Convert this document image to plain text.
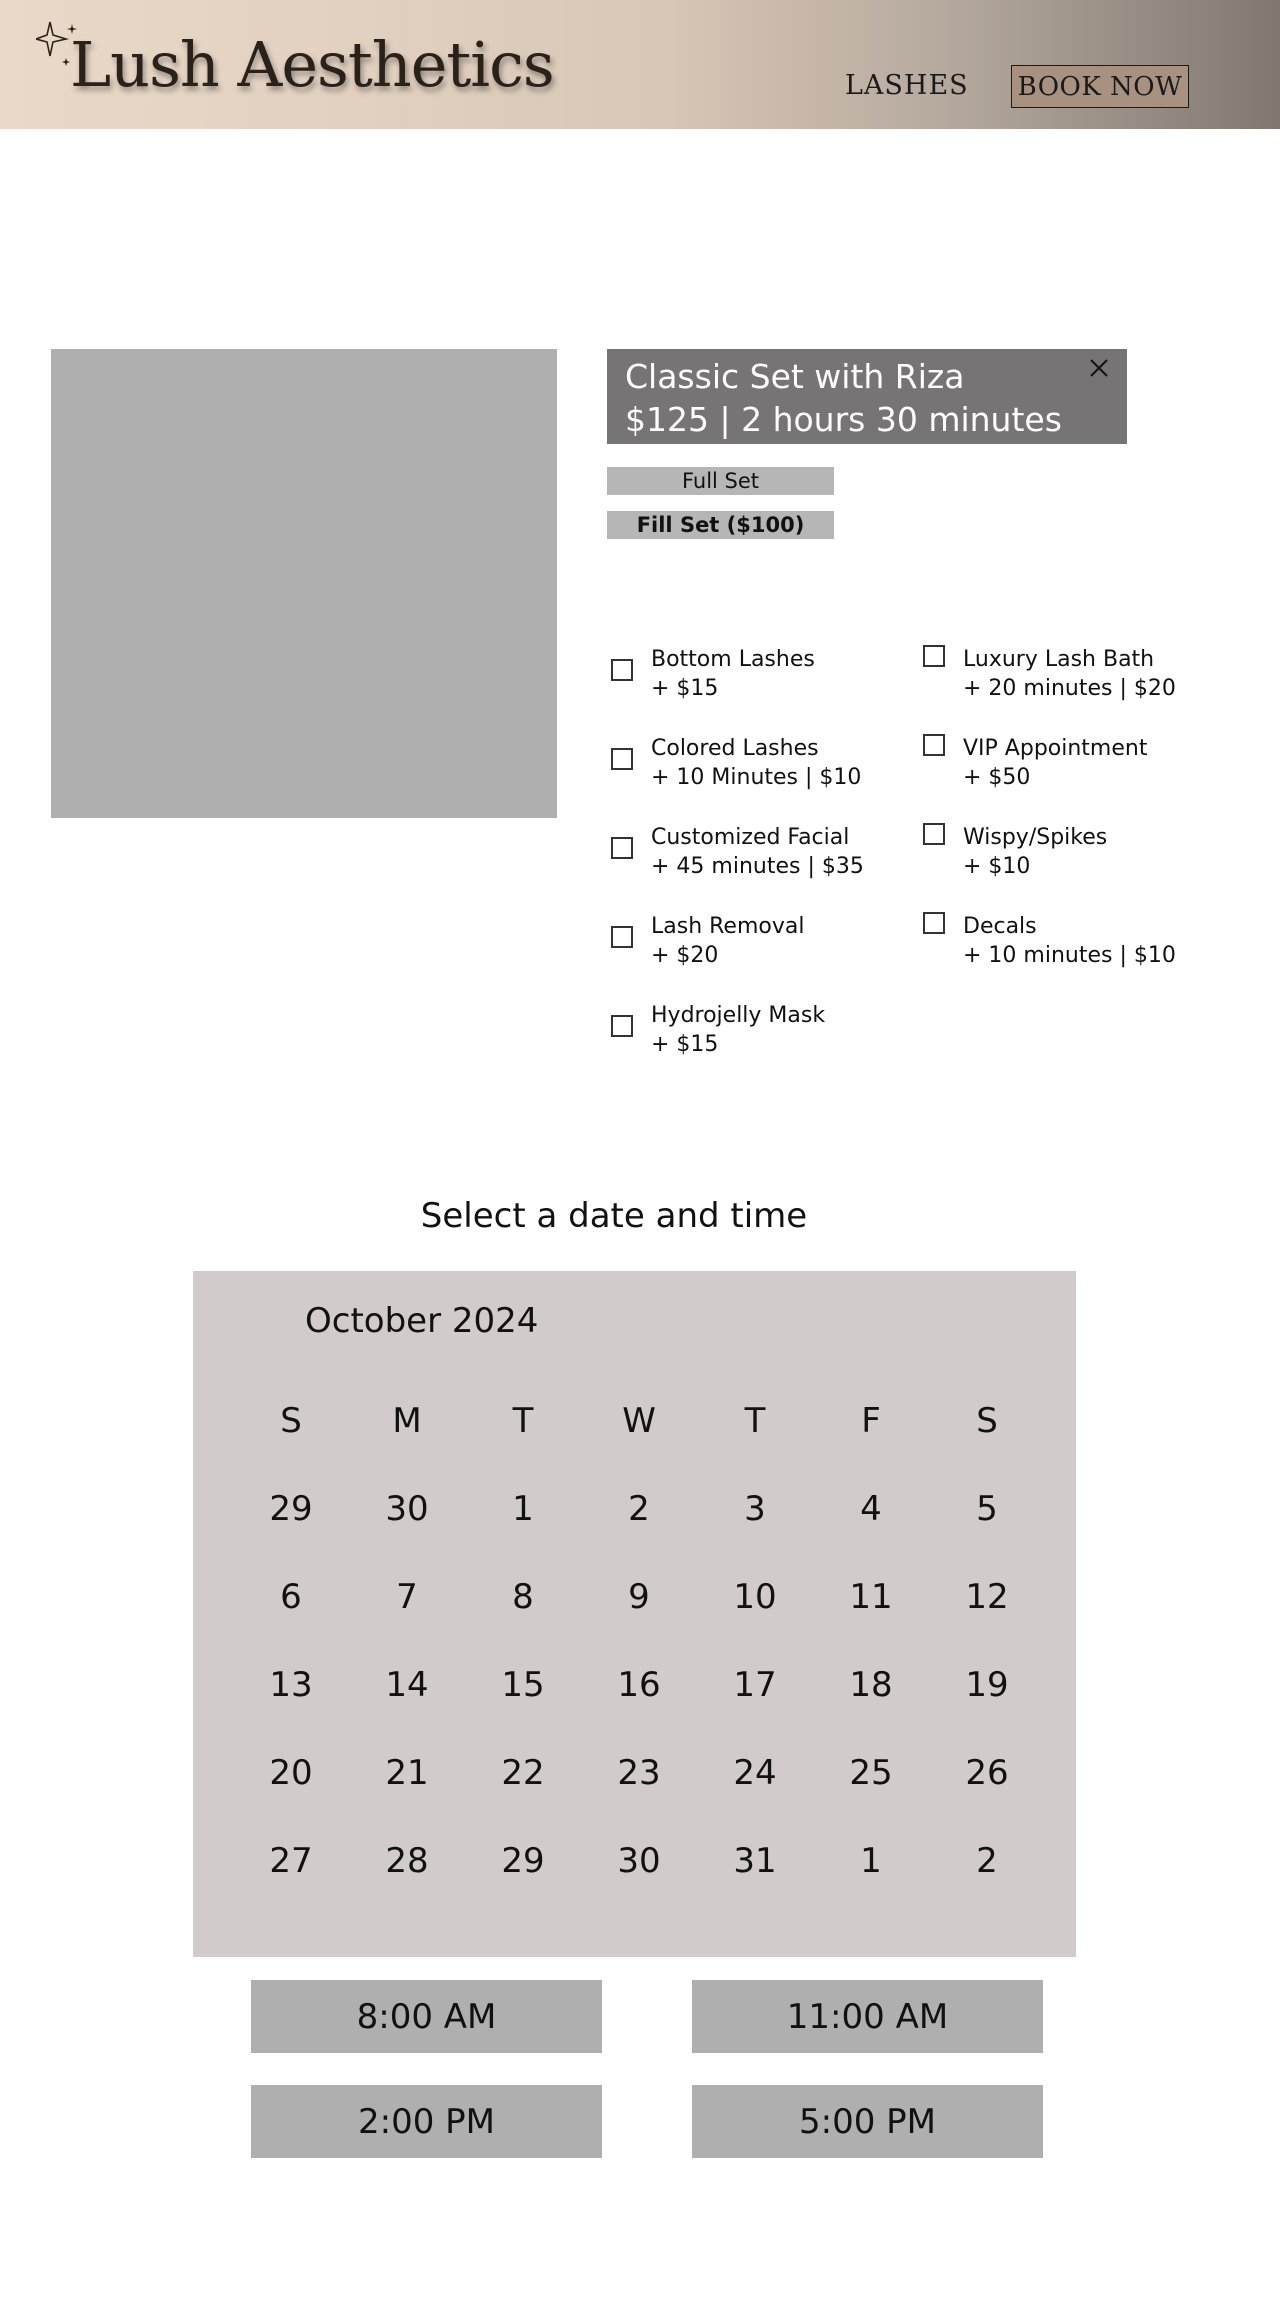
Lush Aesthetics	LASHES BOOK NOW
Classic Set with Riza
$125 | 2 hours 30 minutes
Full Set
Fill Set ($100)
Bottom Lashes
+ $15
Colored Lashes
+ 10 Minutes | $10
Customized Facial
+ 45 minutes | $35
Lash Removal
+ $20
Hydrojelly Mask
+ $15
Luxury Lash Bath
+ 20 minutes | $20
VIP Appointment
+ $50
Wispy/Spikes
+ $10
Decals
+ 10 minutes | $10
Select a date and time
October 2024
S	M	T	W	T	F	S
29	30	1	2	3	4	5
6	7	8	9	10	11	12
13	14	15	16	17	18	19
20	21	22	23	24	25	26
27	28	29	30	31	1	2
8:00 AM	11:00 AM
2:00 PM	5:00 PM
